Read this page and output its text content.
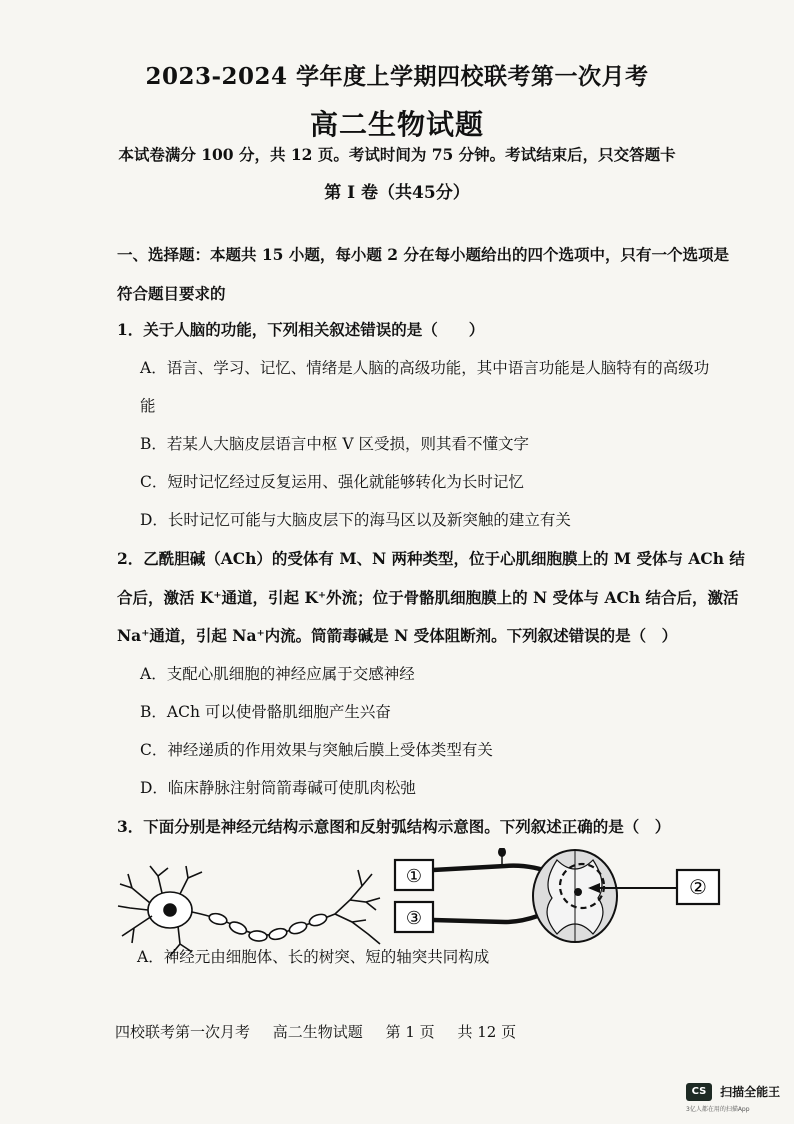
2023-2024 学年度上学期四校联考第一次月考
高二生物试题
本试卷满分 100 分，共 12 页。考试时间为 75 分钟。考试结束后，只交答题卡
第 Ⅰ 卷（共45分）
一、选择题：本题共 15 小题，每小题 2 分在每小题给出的四个选项中，只有一个选项是
符合题目要求的
1．关于人脑的功能，下列相关叙述错误的是（　　）
A．语言、学习、记忆、情绪是人脑的高级功能，其中语言功能是人脑特有的高级功
能
B．若某人大脑皮层语言中枢 V 区受损，则其看不懂文字
C．短时记忆经过反复运用、强化就能够转化为长时记忆
D．长时记忆可能与大脑皮层下的海马区以及新突触的建立有关
2．乙酰胆碱（ACh）的受体有 M、N 两种类型，位于心肌细胞膜上的 M 受体与 ACh 结
合后，激活 K⁺通道，引起 K⁺外流；位于骨骼肌细胞膜上的 N 受体与 ACh 结合后，激活
Na⁺通道，引起 Na⁺内流。筒箭毒碱是 N 受体阻断剂。下列叙述错误的是（　）
A．支配心肌细胞的神经应属于交感神经
B．ACh 可以使骨骼肌细胞产生兴奋
C．神经递质的作用效果与突触后膜上受体类型有关
D．临床静脉注射筒箭毒碱可使肌肉松弛
3．下面分别是神经元结构示意图和反射弧结构示意图。下列叙述正确的是（　）
①
③
②
A．神经元由细胞体、长的树突、短的轴突共同构成
四校联考第一次月考 高二生物试题 第 1 页 共 12 页
CS 扫描全能王
3亿人都在用的扫描App
